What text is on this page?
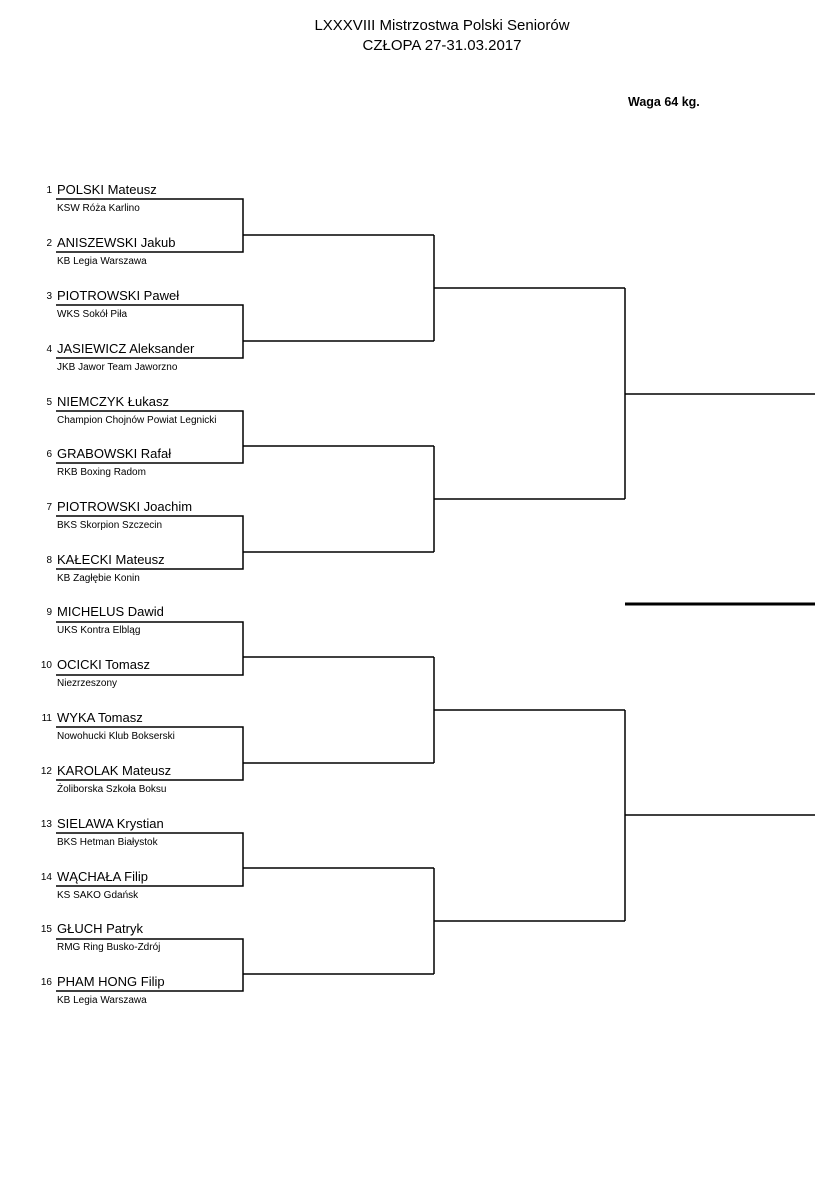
LXXXVIII Mistrzostwa Polski Seniorów
CZŁOPA 27-31.03.2017
Waga 64 kg.
1 POLSKI Mateusz
KSW Róża Karlino
2 ANISZEWSKI Jakub
KB Legia Warszawa
3 PIOTROWSKI Paweł
WKS Sokół Piła
4 JASIEWICZ Aleksander
JKB Jawor Team Jaworzno
5 NIEMCZYK Łukasz
Champion Chojnów Powiat Legnicki
6 GRABOWSKI Rafał
RKB Boxing Radom
7 PIOTROWSKI Joachim
BKS Skorpion Szczecin
8 KAŁECKI Mateusz
KB Zagłębie Konin
9 MICHELUS Dawid
UKS Kontra Elbląg
10 OCICKI Tomasz
Niezrzeszony
11 WYKA Tomasz
Nowohucki Klub Bokserski
12 KAROLAK Mateusz
Żoliborska Szkoła Boksu
13 SIELAWA Krystian
BKS Hetman Białystok
14 WĄCHAŁA Filip
KS SAKO Gdańsk
15 GŁUCH Patryk
RMG Ring Busko-Zdrój
16 PHAM HONG Filip
KB Legia Warszawa
